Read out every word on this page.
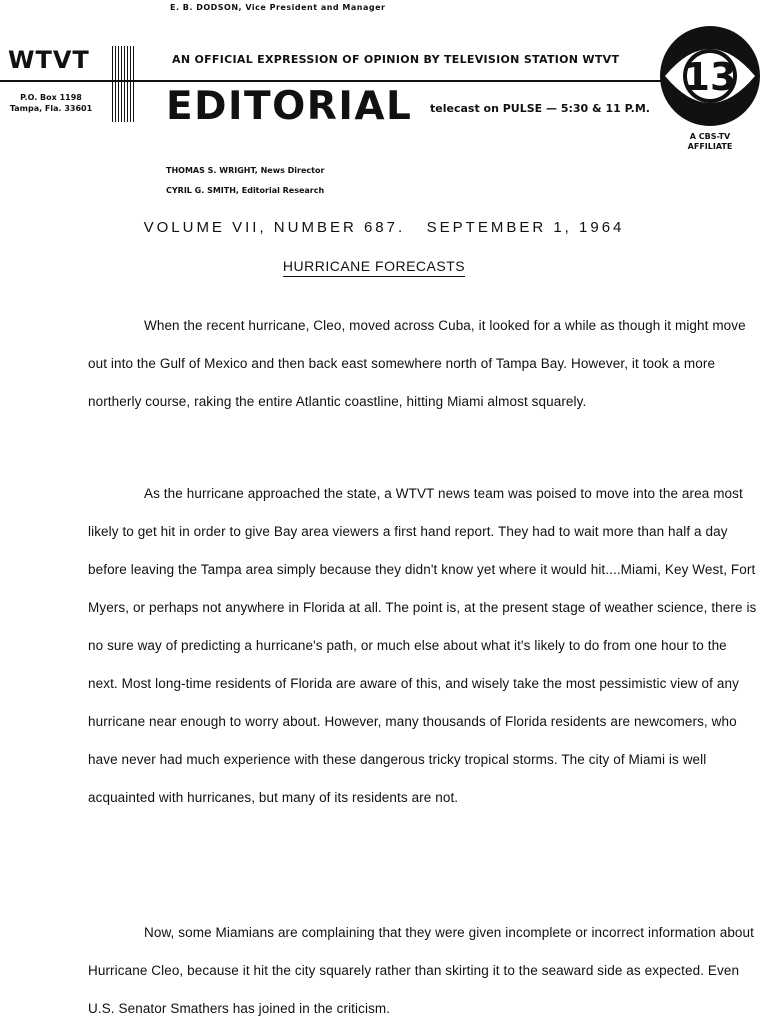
E. B. DODSON, Vice President and Manager
WTVT	AN OFFICIAL EXPRESSION OF OPINION BY TELEVISION STATION WTVT
P.O. Box 1198
Tampa, Fla. 33601 EDITORIAL telecast on PULSE — 5:30 & 11 P.M.
13
A CBS-TV
AFFILIATE
THOMAS S. WRIGHT, News Director
CYRIL G. SMITH, Editorial Research
VOLUME VII, NUMBER 687.   SEPTEMBER 1, 1964
HURRICANE FORECASTS

When the recent hurricane, Cleo, moved across Cuba, it looked for a while as though it might move out into the Gulf of Mexico and then back east somewhere north of Tampa Bay. However, it took a more northerly course, raking the entire Atlantic coastline, hitting Miami almost squarely.

As the hurricane approached the state, a WTVT news team was poised to move into the area most likely to get hit in order to give Bay area viewers a first hand report. They had to wait more than half a day before leaving the Tampa area simply because they didn't know yet where it would hit....Miami, Key West, Fort Myers, or perhaps not anywhere in Florida at all. The point is, at the present stage of weather science, there is no sure way of predicting a hurricane's path, or much else about what it's likely to do from one hour to the next. Most long-time residents of Florida are aware of this, and wisely take the most pessimistic view of any hurricane near enough to worry about. However, many thousands of Florida residents are newcomers, who have never had much experience with these dangerous tricky tropical storms. The city of Miami is well acquainted with hurricanes, but many of its residents are not.

Now, some Miamians are complaining that they were given incomplete or incorrect information about Hurricane Cleo, because it hit the city squarely rather than skirting it to the seaward side as expected. Even U.S. Senator Smathers has joined in the criticism.
